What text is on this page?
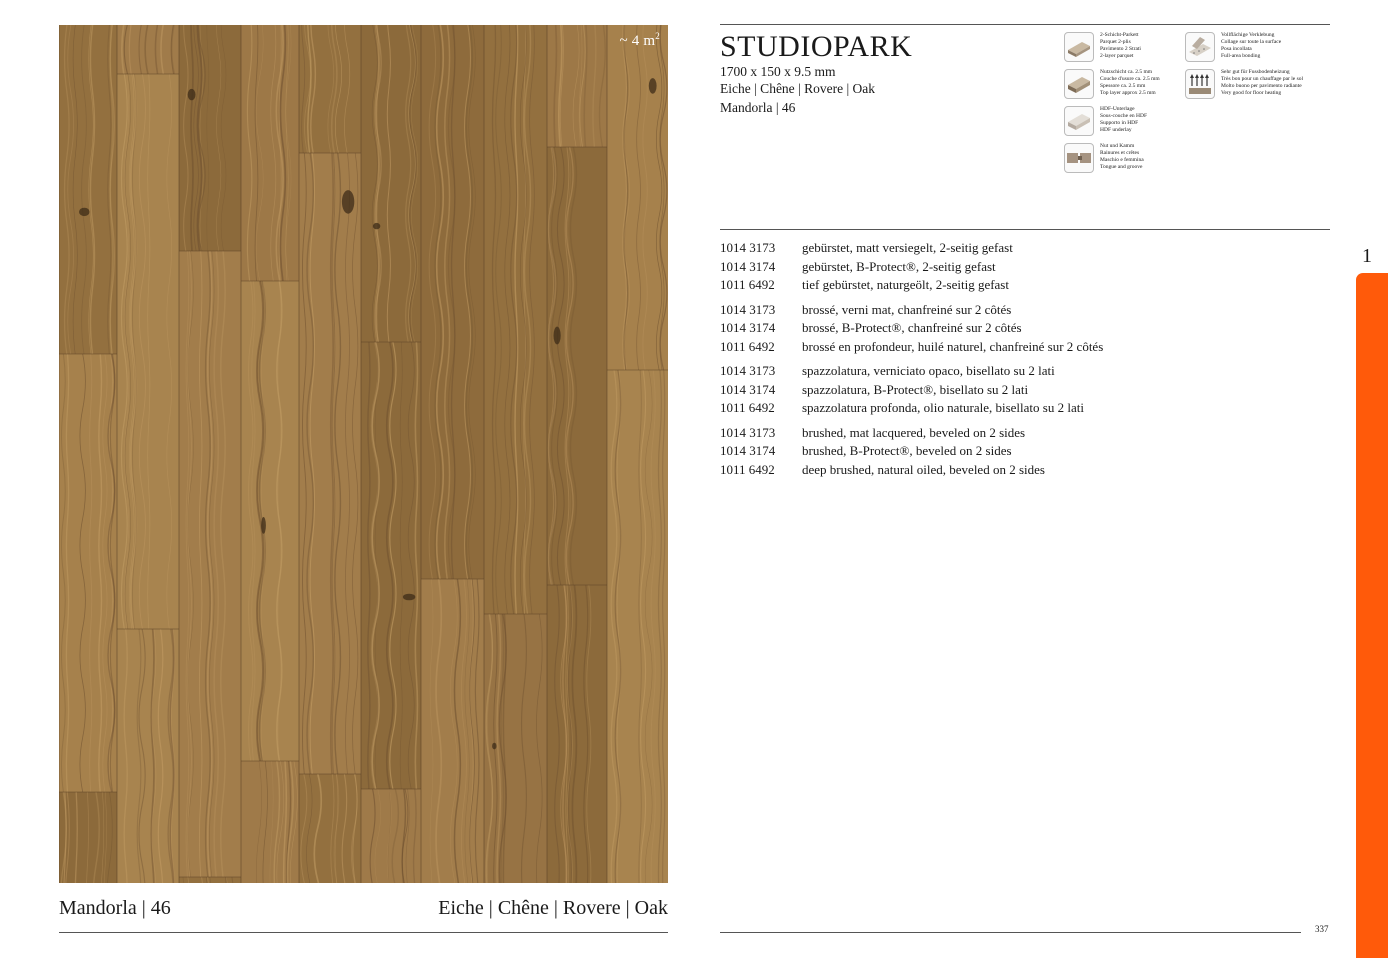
~ 4 $m^2$
Mandorla | 46	Eiche | Chêne | Rovere | Oak
STUDIOPARK
1700 x 150 x 9.5 mm
Eiche | Chêne | Rovere | Oak
Mandorla | 46
2-Schicht-Parkett
Parquet 2-plis
Pavimento 2 Strati
2-layer parquet
Vollflächige Verklebung
Collage sur toute la surface
Posa incollata
Full-area bonding
Nutzschicht ca. 2.5 mm
Couche d'usure ca. 2.5 mm
Spessore ca. 2.5 mm
Top layer approx 2.5 mm
Sehr gut für Fussbodenheizung
Très bon pour un chauffage par le sol
Molto buono per pavimento radiante
Very good for floor heating
HDF-Unterlage
Sous-couche en HDF
Supporto in HDF
HDF underlay
Nut und Kamm
Rainures et crêtes
Maschio e femmina
Tongue and groove
1014 3173	gebürstet, matt versiegelt, 2-seitig gefast
1014 3174	gebürstet, B-Protect®, 2-seitig gefast
1011 6492	tief gebürstet, naturgeölt, 2-seitig gefast
1014 3173	brossé, verni mat, chanfreiné sur 2 côtés
1014 3174	brossé, B-Protect®, chanfreiné sur 2 côtés
1011 6492	brossé en profondeur, huilé naturel, chanfreiné sur 2 côtés
1014 3173	spazzolatura, verniciato opaco, bisellato su 2 lati
1014 3174	spazzolatura, B-Protect®, bisellato su 2 lati
1011 6492	spazzolatura profonda, olio naturale, bisellato su 2 lati
1014 3173	brushed, mat lacquered, beveled on 2 sides
1014 3174	brushed, B-Protect®, beveled on 2 sides
1011 6492	deep brushed, natural oiled, beveled on 2 sides
337
1
